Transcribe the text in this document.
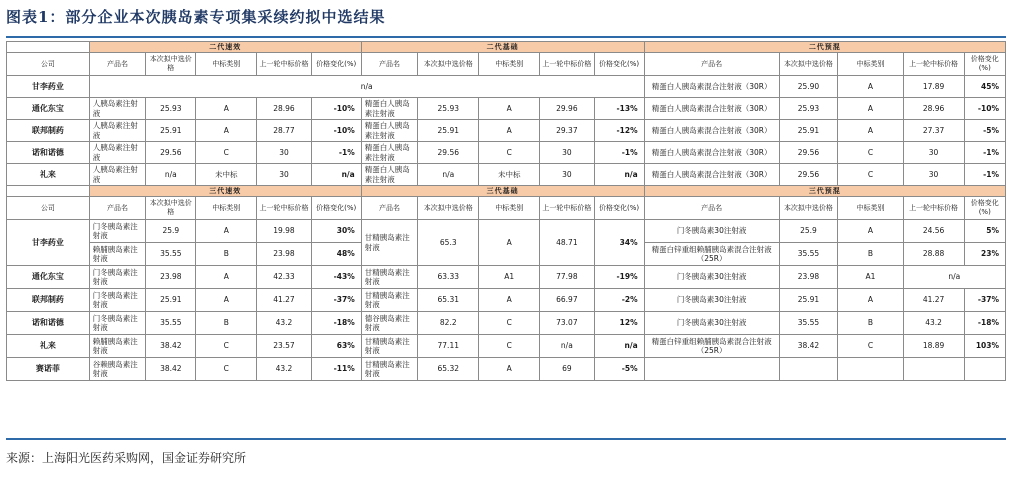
图表1：部分企业本次胰岛素专项集采续约拟中选结果
	二代速效					二代基础					二代预混				
公司	产品名	本次拟中选价格	中标类别	上一轮中标价格	价格变化(%)	产品名	本次拟中选价格	中标类别	上一轮中标价格	价格变化(%)	产品名	本次拟中选价格	中标类别	上一轮中标价格	价格变化(%)
甘李药业	n/a										精蛋白人胰岛素混合注射液（30R）	25.90	A	17.89	45%
通化东宝	人胰岛素注射液	25.93	A	28.96	-10%	精蛋白人胰岛素注射液	25.93	A	29.96	-13%	精蛋白人胰岛素混合注射液（30R）	25.93	A	28.96	-10%
联邦制药	人胰岛素注射液	25.91	A	28.77	-10%	精蛋白人胰岛素注射液	25.91	A	29.37	-12%	精蛋白人胰岛素混合注射液（30R）	25.91	A	27.37	-5%
诺和诺德	人胰岛素注射液	29.56	C	30	-1%	精蛋白人胰岛素注射液	29.56	C	30	-1%	精蛋白人胰岛素混合注射液（30R）	29.56	C	30	-1%
礼来	人胰岛素注射液	n/a	未中标	30	n/a	精蛋白人胰岛素注射液	n/a	未中标	30	n/a	精蛋白人胰岛素混合注射液（30R）	29.56	C	30	-1%
	三代速效					三代基础					三代预混				
公司	产品名	本次拟中选价格	中标类别	上一轮中标价格	价格变化(%)	产品名	本次拟中选价格	中标类别	上一轮中标价格	价格变化(%)	产品名	本次拟中选价格	中标类别	上一轮中标价格	价格变化(%)
甘李药业	门冬胰岛素注射液	25.9	A	19.98	30%	甘精胰岛素注射液	65.3	A	48.71	34%	门冬胰岛素30注射液	25.9	A	24.56	5%
	赖脯胰岛素注射液	35.55	B	23.98	48%						精蛋白锌重组赖脯胰岛素混合注射液（25R）	35.55	B	28.88	23%
通化东宝	门冬胰岛素注射液	23.98	A	42.33	-43%	甘精胰岛素注射液	63.33	A1	77.98	-19%	门冬胰岛素30注射液	23.98	A1	n/a	
联邦制药	门冬胰岛素注射液	25.91	A	41.27	-37%	甘精胰岛素注射液	65.31	A	66.97	-2%	门冬胰岛素30注射液	25.91	A	41.27	-37%
诺和诺德	门冬胰岛素注射液	35.55	B	43.2	-18%	德谷胰岛素注射液	82.2	C	73.07	12%	门冬胰岛素30注射液	35.55	B	43.2	-18%
礼来	赖脯胰岛素注射液	38.42	C	23.57	63%	甘精胰岛素注射液	77.11	C	n/a	n/a	精蛋白锌重组赖脯胰岛素混合注射液（25R）	38.42	C	18.89	103%
赛诺菲	谷赖胰岛素注射液	38.42	C	43.2	-11%	甘精胰岛素注射液	65.32	A	69	-5%					
来源：上海阳光医药采购网，国金证券研究所
